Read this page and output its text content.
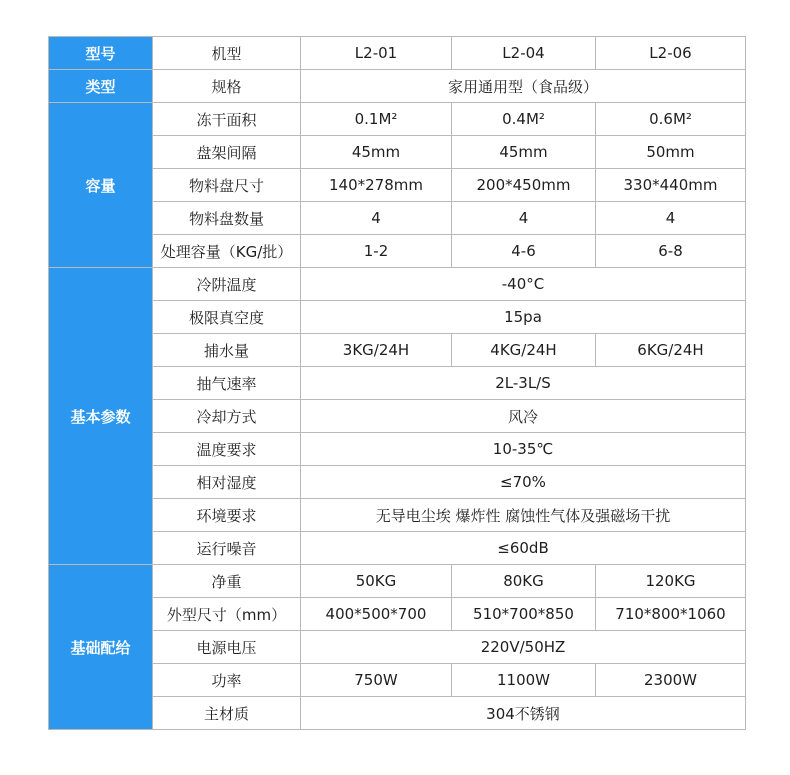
型号	机型	L2-01	L2-04	L2-06
类型	规格	家用通用型（食品级）		
容量	冻干面积	0.1M²	0.4M²	0.6M²
	盘架间隔	45mm	45mm	50mm
	物料盘尺寸	140*278mm	200*450mm	330*440mm
	物料盘数量	4	4	4
	处理容量（KG/批）	1-2	4-6	6-8
基本参数	冷阱温度	-40°C		
	极限真空度	15pa		
	捕水量	3KG/24H	4KG/24H	6KG/24H
	抽气速率	2L-3L/S		
	冷却方式	风冷		
	温度要求	10-35℃		
	相对湿度	≤70%		
	环境要求	无导电尘埃 爆炸性 腐蚀性气体及强磁场干扰		
	运行噪音	≤60dB		
基础配给	净重	50KG	80KG	120KG
	外型尺寸（mm）	400*500*700	510*700*850	710*800*1060
	电源电压	220V/50HZ		
	功率	750W	1100W	2300W
	主材质	304不锈钢		
